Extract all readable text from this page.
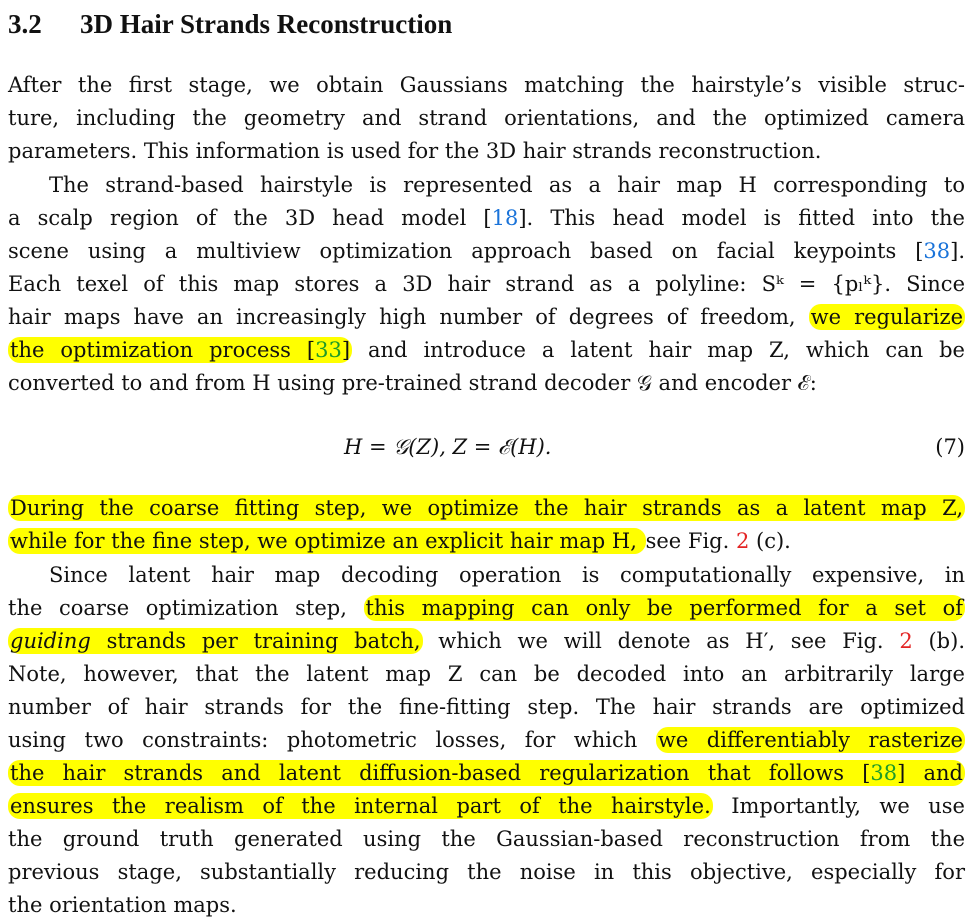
3.2 3D Hair Strands Reconstruction
After the first stage, we obtain Gaussians matching the hairstyle’s visible struc-
ture, including the geometry and strand orientations, and the optimized camera
parameters. This information is used for the 3D hair strands reconstruction.
The strand-based hairstyle is represented as a hair map H corresponding to
a scalp region of the 3D head model [18]. This head model is fitted into the
scene using a multiview optimization approach based on facial keypoints [38].
Each texel of this map stores a 3D hair strand as a polyline: Sᵏ = {pₗᵏ}. Since
hair maps have an increasingly high number of degrees of freedom, we regularize
the optimization process [33] and introduce a latent hair map Z, which can be
converted to and from H using pre-trained strand decoder 𝒢 and encoder ℰ:
H = 𝒢(Z), Z = ℰ(H).	(7)
During the coarse fitting step, we optimize the hair strands as a latent map Z,
while for the fine step, we optimize an explicit hair map H, see Fig. 2 (c).
Since latent hair map decoding operation is computationally expensive, in
the coarse optimization step, this mapping can only be performed for a set of
guiding strands per training batch, which we will denote as H′, see Fig. 2 (b).
Note, however, that the latent map Z can be decoded into an arbitrarily large
number of hair strands for the fine-fitting step. The hair strands are optimized
using two constraints: photometric losses, for which we differentiably rasterize
the hair strands and latent diffusion-based regularization that follows [38] and
ensures the realism of the internal part of the hairstyle. Importantly, we use
the ground truth generated using the Gaussian-based reconstruction from the
previous stage, substantially reducing the noise in this objective, especially for
the orientation maps.
